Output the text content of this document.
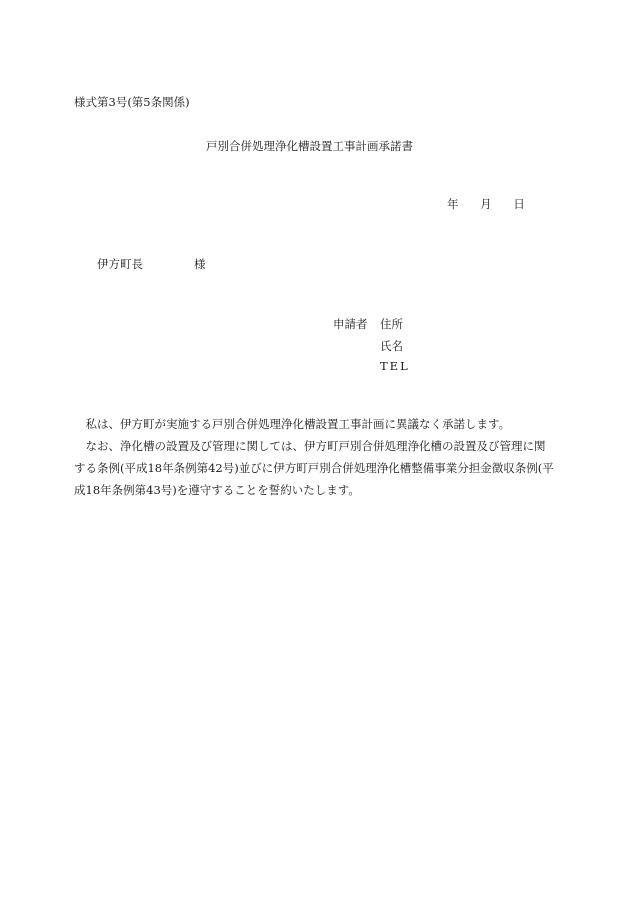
様式第3号(第5条関係)
戸別合併処理浄化槽設置工事計画承諾書
年 月 日
伊方町長	様
申請者 住所
氏名
TEL

私は、伊方町が実施する戸別合併処理浄化槽設置工事計画に異議なく承諾します。

なお、浄化槽の設置及び管理に関しては、伊方町戸別合併処理浄化槽の設置及び管理に関する条例(平成18年条例第42号)並びに伊方町戸別合併処理浄化槽整備事業分担金徴収条例(平成18年条例第43号)を遵守することを誓約いたします。
